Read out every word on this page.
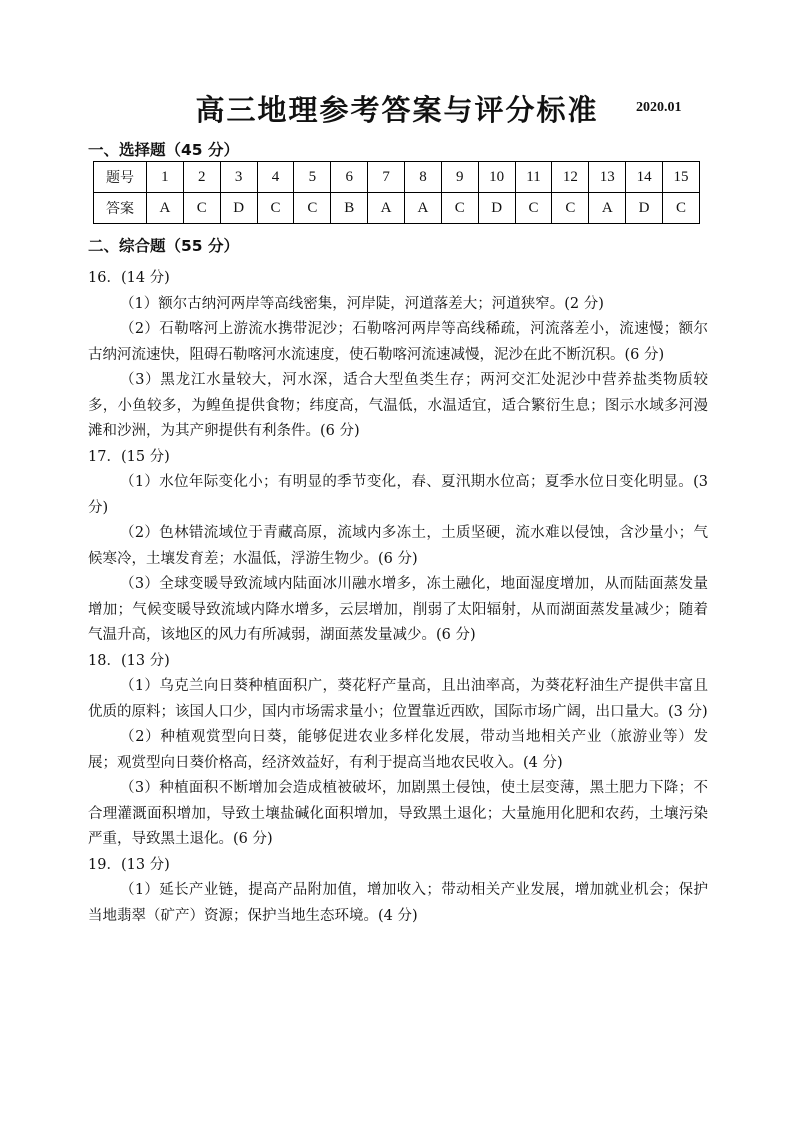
高三地理参考答案与评分标准	2020.01
一、选择题（45 分）
题号	1	2	3	4	5	6	7	8	9	10	11	12	13	14	15
答案	A	C	D	C	C	B	A	A	C	D	C	C	A	D	C
二、综合题（55 分）

16．(14 分)

（1）额尔古纳河两岸等高线密集，河岸陡，河道落差大；河道狭窄。(2 分)

（2）石勒喀河上游流水携带泥沙；石勒喀河两岸等高线稀疏，河流落差小，流速慢；额尔古纳河流速快，阻碍石勒喀河水流速度，使石勒喀河流速减慢，泥沙在此不断沉积。(6 分)

（3）黑龙江水量较大，河水深，适合大型鱼类生存；两河交汇处泥沙中营养盐类物质较多，小鱼较多，为鳇鱼提供食物；纬度高，气温低，水温适宜，适合繁衍生息；图示水域多河漫滩和沙洲，为其产卵提供有利条件。(6 分)

17．(15 分)

（1）水位年际变化小；有明显的季节变化，春、夏汛期水位高；夏季水位日变化明显。(3 分)

（2）色林错流域位于青藏高原，流域内多冻土，土质坚硬，流水难以侵蚀，含沙量小；气候寒冷，土壤发育差；水温低，浮游生物少。(6 分)

（3）全球变暖导致流域内陆面冰川融水增多，冻土融化，地面湿度增加，从而陆面蒸发量增加；气候变暖导致流域内降水增多，云层增加，削弱了太阳辐射，从而湖面蒸发量减少；随着气温升高，该地区的风力有所减弱，湖面蒸发量减少。(6 分)

18．(13 分)

（1）乌克兰向日葵种植面积广，葵花籽产量高，且出油率高，为葵花籽油生产提供丰富且优质的原料；该国人口少，国内市场需求量小；位置靠近西欧，国际市场广阔，出口量大。(3 分)

（2）种植观赏型向日葵，能够促进农业多样化发展，带动当地相关产业（旅游业等）发展；观赏型向日葵价格高，经济效益好，有利于提高当地农民收入。(4 分)

（3）种植面积不断增加会造成植被破坏，加剧黑土侵蚀，使土层变薄，黑土肥力下降；不合理灌溉面积增加，导致土壤盐碱化面积增加，导致黑土退化；大量施用化肥和农药，土壤污染严重，导致黑土退化。(6 分)

19．(13 分)

（1）延长产业链，提高产品附加值，增加收入；带动相关产业发展，增加就业机会；保护当地翡翠（矿产）资源；保护当地生态环境。(4 分)
